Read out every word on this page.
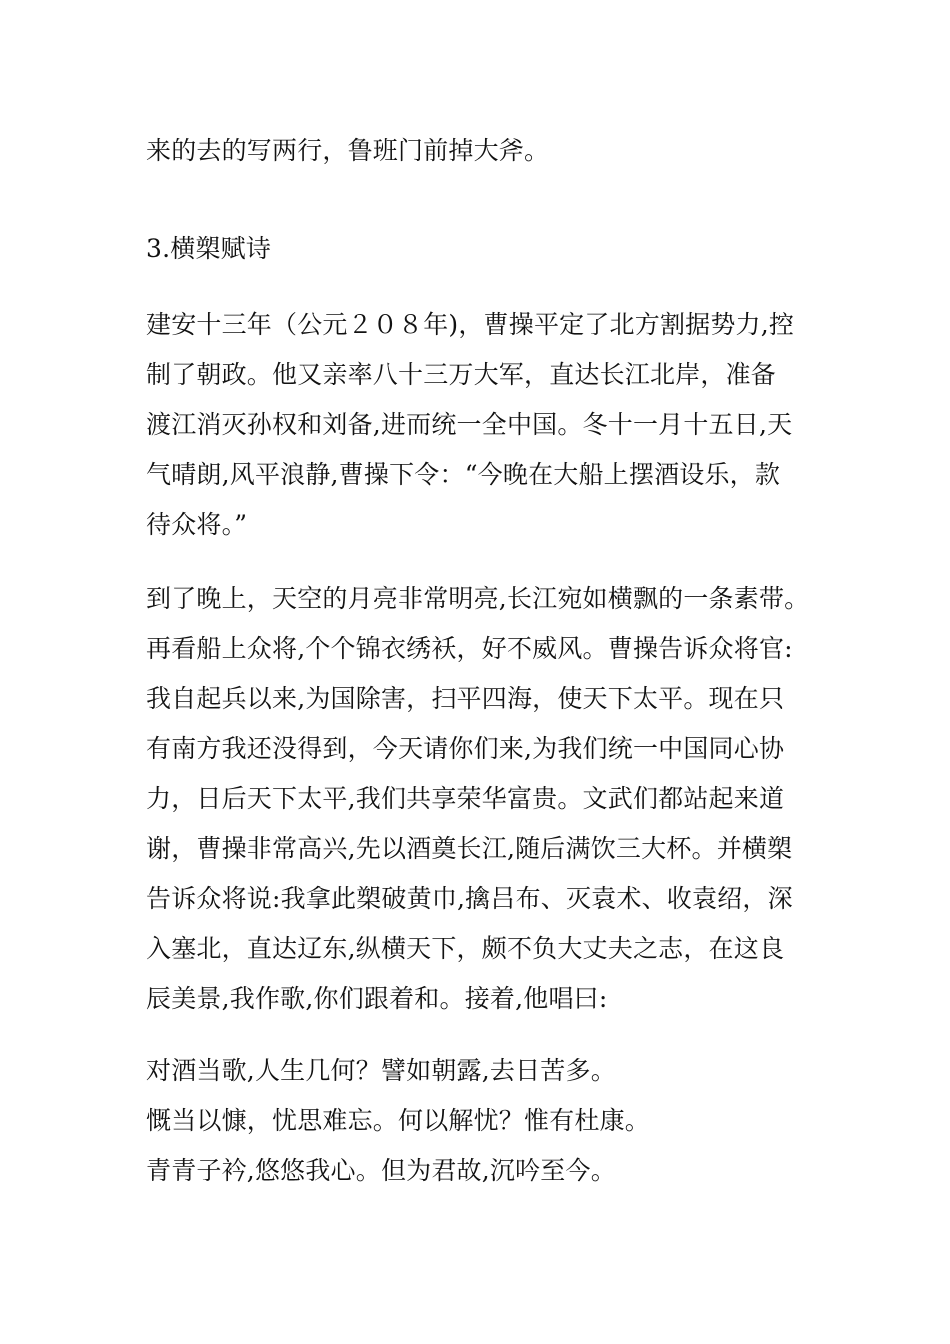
来的去的写两行，鲁班门前掉大斧。
3.横槊赋诗
建安十三年（公元２０８年)，曹操平定了北方割据势力,控
制了朝政。他又亲率八十三万大军，直达长江北岸，准备
渡江消灭孙权和刘备,进而统一全中国。冬十一月十五日,天
气晴朗,风平浪静,曹操下令：“今晚在大船上摆酒设乐，款
待众将。”
到了晚上，天空的月亮非常明亮,长江宛如横飘的一条素带。
再看船上众将,个个锦衣绣袄，好不威风。曹操告诉众将官:
我自起兵以来,为国除害，扫平四海，使天下太平。现在只
有南方我还没得到，今天请你们来,为我们统一中国同心协
力，日后天下太平,我们共享荣华富贵。文武们都站起来道
谢，曹操非常高兴,先以酒奠长江,随后满饮三大杯。并横槊
告诉众将说:我拿此槊破黄巾,擒吕布、灭袁术、收袁绍，深
入塞北，直达辽东,纵横天下，颇不负大丈夫之志，在这良
辰美景,我作歌,你们跟着和。接着,他唱曰:
对酒当歌,人生几何？譬如朝露,去日苦多。
慨当以慷，忧思难忘。何以解忧？惟有杜康。
青青子衿,悠悠我心。但为君故,沉吟至今。
